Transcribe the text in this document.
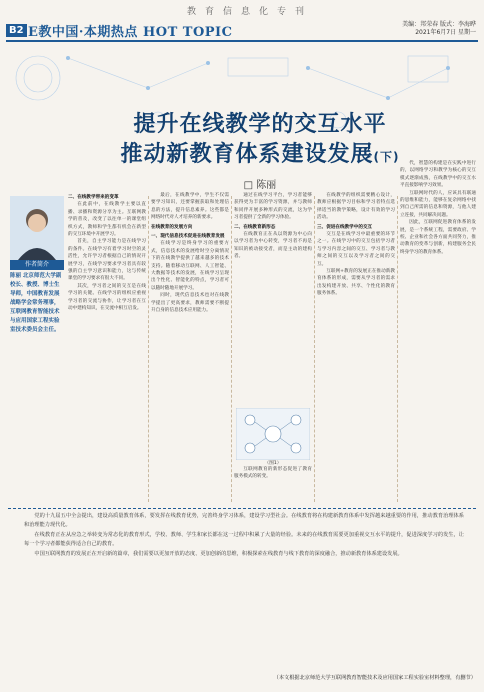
教育信息化专刊
B2 E教中国·本期热点 HOT TOPIC
美编：邦荣春 版式：李海晔
2021年6月7日 星期一
提升在线教学的交互水平
推动新教育体系建设发展(下)
□ 陈丽
作者简介
陈丽 北京师范大学副校长、教授、博士生导师，中国教育发展战略学会常务理事，互联网教育智能技术与应用国家工程实验室技术委员会主任。

二、在线教学带来的变革

在此前中，在线教学主要以直播、录播和资源分享为主。互联网教学的普及，改变了以往单一的课堂组织方式，教师和学生都有机会在新型的交互环境中开展学习。

首先，自主学习能力是在线学习的条件。在线学习有着学习时空的灵活性，允许学习者根据自己的情况开展学习，在线学习要求学习者具有较强的自主学习意识和能力，这与传统课堂的学习要求有很大不同。

其次，学习者之间的交互是在线学习的关键。在线学习的组织应重视学习者的交流与协作，让学习者在互动中建构知识，在交流中相互启发。

最后，在线教学中，学生不仅需要学习知识，还要掌握获取和处理信息的方法，提升信息素养。这些都是网络时代对人才培养的新要求。

在线教育的发展方向

一、现代信息技术促进在线教育发展

在线学习是终身学习的重要方式，信息技术的发展给时空分离情况下的在线教学提供了越来越多的技术支持。随着移动互联网、人工智能、大数据等技术的发展，在线学习呈现出个性化、智能化的特点，学习者可以随时随地开展学习。

同时，现代信息技术也对在线教学提出了更高要求，教师需要不断提升自身的信息技术应用能力。

通过在线学习平台，学习者能够获得更为丰富的学习资源，并与教师和同伴开展多种形式的交流，这为学习者提供了全新的学习体验。

二、在线教育新形态

在线教育正在从以资源为中心向以学习者为中心转变，学习者不再是知识的被动接受者，而是主动的建构者。

（图1）

互联网教育的新形态促进了教育服务模式的转变。

在线教学的组织需要精心设计，教师应根据学习目标和学习者特点选择适当的教学策略，设计有效的学习活动。

三、促进在线教学中的交互

交互是在线学习中最重要的环节之一。在线学习中的交互包括学习者与学习内容之间的交互、学习者与教师之间的交互以及学习者之间的交互。

互联网+教育的发展正在推动新教育体系的形成，需要从学习者的需求出发构建开放、共享、个性化的教育服务体系。

代，智慧的构建是在实践中进行的，以网络学习和教学为核心的交互模式逐渐成熟，在线教学中的交互水平直接影响学习效果。

互联网时代的人，应该具有联通的思维和能力，能够在复杂网络中找到自己所需的信息和资源，与他人建立连接，共同解决问题。

因此，互联网促进教育体系的发展，是一个系统工程，需要政府、学校、企业和社会各方面共同努力，推动教育的变革与创新，构建服务全民终身学习的教育体系。

党的十九届五中全会提出，建设高质量教育体系，要发挥在线教育优势，完善终身学习体系，建设学习型社会。在线教育将在构建新教育体系中发挥越来越重要的作用，推动教育治理体系和治理能力现代化。

在线教育正在从应急之举转变为常态化的教育形式，学校、教师、学生和家长都在这一过程中积累了大量的经验。未来的在线教育需要更加重视交互水平的提升，促进深度学习的发生，让每一个学习者都能获得适合自己的教育。

中国互联网教育的发展正在开启新的篇章，我们需要以更加开放的态度、更加创新的思维，积极探索在线教育与线下教育的深度融合，推动新教育体系建设发展。

（本文根据北京师范大学互联网教育智能技术及应用国家工程实验室材料整理，有删节）
